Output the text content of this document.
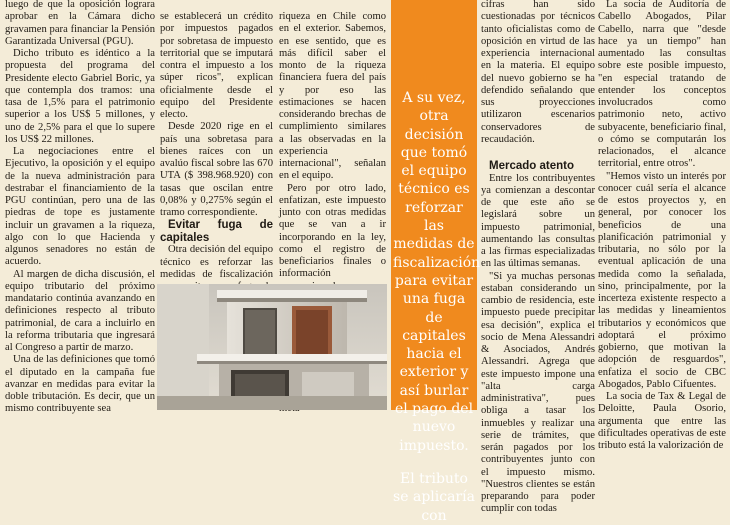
luego de que la oposición lograra aprobar en la Cámara dicho gravamen para financiar la Pensión Garantizada Universal (PGU).

Dicho tributo es idéntico a la propuesta del programa del Presidente electo Gabriel Boric, ya que contempla dos tramos: una tasa de 1,5% para el patrimonio superior a los US$ 5 millones, y uno de 2,5% para el que lo supere los US$ 22 millones.

La negociaciones entre el Ejecutivo, la oposición y el equipo de la nueva administración para destrabar el financiamiento de la PGU continúan, pero una de las piedras de tope es justamente incluir un gravamen a la riqueza, algo con lo que Hacienda y algunos senadores no están de acuerdo.

Al margen de dicha discusión, el equipo tributario del próximo mandatario continúa avanzando en definiciones respecto al tributo patrimonial, de cara a incluirlo en la reforma tributaria que ingresará al Congreso a partir de marzo.

Una de las definiciones que tomó el diputado en la campaña fue avanzar en medidas para evitar la doble tributación. Es decir, que un mismo contribuyente sea

se establecerá un crédito por impuestos pagados por sobretasa de impuesto territorial que se imputará contra el impuesto a los súper ricos", explican oficialmente desde el equipo del Presidente electo.

Desde 2020 rige en el país una sobretasa para bienes raíces con un avalúo fiscal sobre las 670 UTA ($ 398.968.920) con tasas que oscilan entre 0,08% y 0,275% según el tramo correspondiente.

Evitar fuga de capitales

Otra decisión del equipo técnico es reforzar las medidas de fiscalización

riqueza en Chile como en el exterior. Sabemos, en ese sentido, que es más difícil saber el monto de la riqueza financiera fuera del país y por eso las estimaciones se hacen considerando brechas de cumplimiento similares a las observadas en la experiencia internacional", señalan en el equipo.

Pero por otro lado, enfatizan, este impuesto junto con otras medidas que se van a ir incorporando en la ley, como el registro de beneficiarios finales o información

A su vez, otra decisión que tomó el equipo técnico es reforzar las medidas de fiscalización para evitar una fuga de capitales hacia el exterior y así burlar el pago del nuevo impuesto.
El tributo se aplicaría con

cifras han sido cuestionadas por técnicos tanto oficialistas como de oposición en virtud de las experiencia internacional en la materia. El equipo del nuevo gobierno se ha defendido señalando que sus proyecciones utilizaron escenarios conservadores de recaudación.

Mercado atento

Entre los contribuyentes ya comienzan a descontar de que este año se legislará sobre un impuesto patrimonial, aumentando las consultas a las firmas especializadas en las últimas semanas.

"Si ya muchas personas estaban considerando un cambio de residencia, este impuesto puede precipitar esa decisión", explica el socio de Mena Alessandri & Asociados, Andrés Alessandri. Agrega que este impuesto impone una "alta carga administrativa", pues obliga a tasar los inmuebles y realizar una serie de trámites, que serán pagados por los contribuyentes junto con el impuesto mismo. "Nuestros clientes se están preparando para poder cumplir con todas

La socia de Auditoría de Cabello Abogados, Pilar Cabello, narra que "desde hace ya un tiempo" han aumentado las consultas sobre este posible impuesto, "en especial tratando de entender los conceptos involucrados como patrimonio neto, activo subyacente, beneficiario final, o cómo se computarán los relacionados, el alcance territorial, entre otros".

"Hemos visto un interés por conocer cuál sería el alcance de estos proyectos y, en general, por conocer los beneficios de una planificación patrimonial y tributaria, no sólo por la eventual aplicación de una medida como la señalada, sino, principalmente, por la incerteza existente respecto a las medidas y lineamientos tributarios y económicos que adoptará el próximo gobierno, que motivan la adopción de resguardos", enfatiza el socio de CBC Abogados, Pablo Cifuentes.

La socia de Tax & Legal de Deloitte, Paula Osorio, argumenta que entre las dificultades operativas de este tributo está la valorización de
